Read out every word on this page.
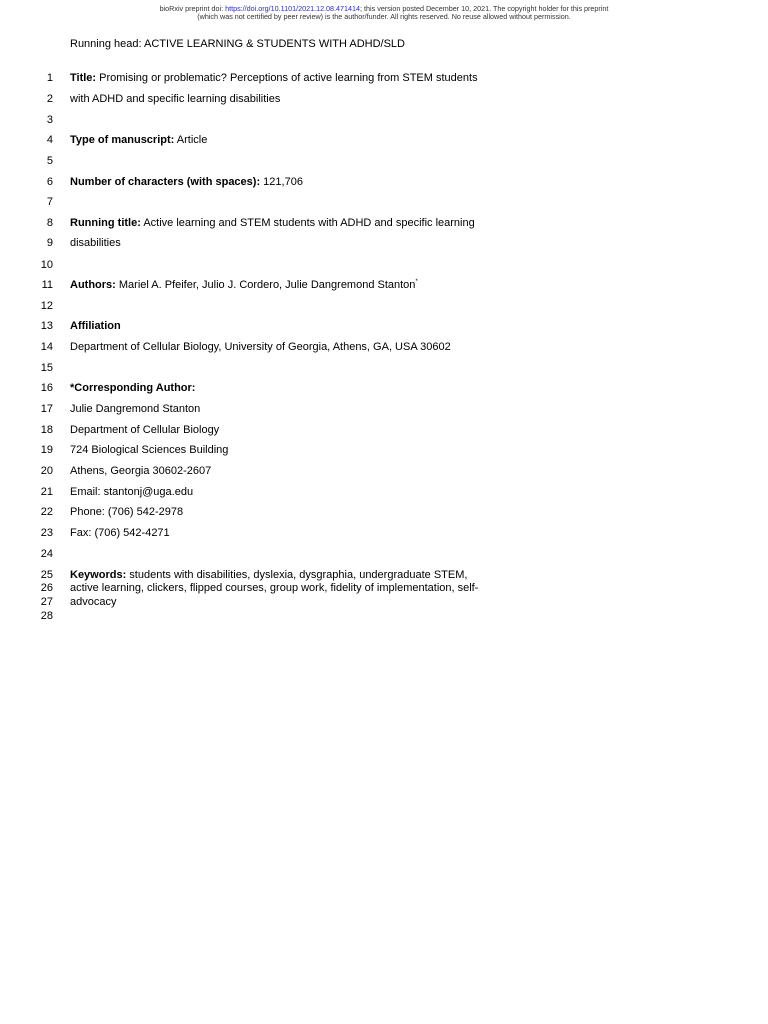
bioRxiv preprint doi: https://doi.org/10.1101/2021.12.08.471414; this version posted December 10, 2021. The copyright holder for this preprint
(which was not certified by peer review) is the author/funder. All rights reserved. No reuse allowed without permission.
Running head: ACTIVE LEARNING & STUDENTS WITH ADHD/SLD
1
2
3
4
5
6
7
8
9
10
11
12
13
14
15
16
17
18
19
20
21
22
23
24
25
26
27
28
Title: Promising or problematic? Perceptions of active learning from STEM students
with ADHD and specific learning disabilities
Type of manuscript: Article
Number of characters (with spaces): 121,706
Running title: Active learning and STEM students with ADHD and specific learning
disabilities
Authors: Mariel A. Pfeifer, Julio J. Cordero, Julie Dangremond Stanton*
Affiliation
Department of Cellular Biology, University of Georgia, Athens, GA, USA 30602
*Corresponding Author:
Julie Dangremond Stanton
Department of Cellular Biology
724 Biological Sciences Building
Athens, Georgia 30602-2607
Email: stantonj@uga.edu
Phone: (706) 542-2978
Fax: (706) 542-4271
Keywords: students with disabilities, dyslexia, dysgraphia, undergraduate STEM,
active learning, clickers, flipped courses, group work, fidelity of implementation, self-
advocacy
